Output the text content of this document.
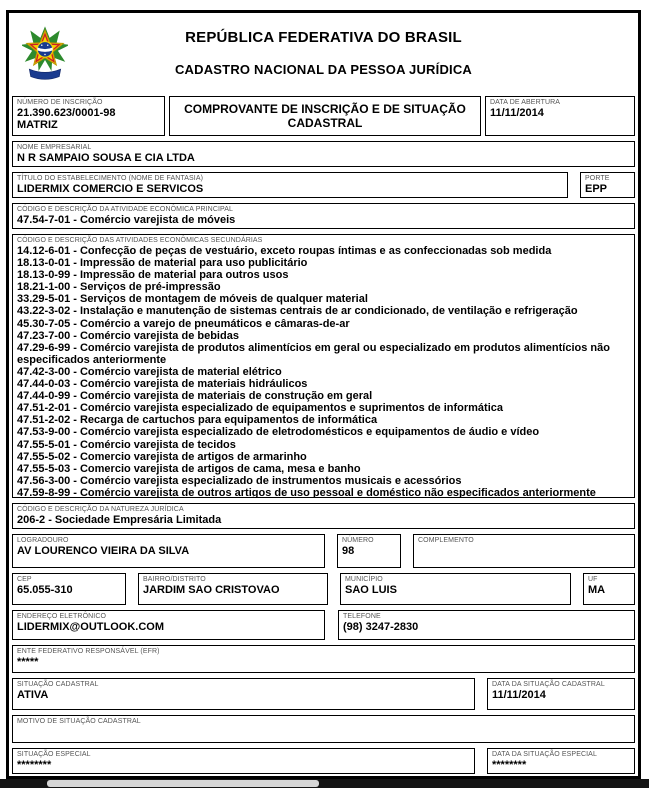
REPÚBLICA FEDERATIVA DO BRASIL
CADASTRO NACIONAL DA PESSOA JURÍDICA
NÚMERO DE INSCRIÇÃO
21.390.623/0001-98
MATRIZ
COMPROVANTE DE INSCRIÇÃO E DE SITUAÇÃO CADASTRAL
DATA DE ABERTURA
11/11/2014
NOME EMPRESARIAL
N R SAMPAIO SOUSA E CIA LTDA
TÍTULO DO ESTABELECIMENTO (NOME DE FANTASIA)
LIDERMIX COMERCIO E SERVICOS
PORTE
EPP
CÓDIGO E DESCRIÇÃO DA ATIVIDADE ECONÔMICA PRINCIPAL
47.54-7-01 - Comércio varejista de móveis
CÓDIGO E DESCRIÇÃO DAS ATIVIDADES ECONÔMICAS SECUNDÁRIAS
14.12-6-01 - Confecção de peças de vestuário, exceto roupas íntimas e as confeccionadas sob medida
18.13-0-01 - Impressão de material para uso publicitário
18.13-0-99 - Impressão de material para outros usos
18.21-1-00 - Serviços de pré-impressão
33.29-5-01 - Serviços de montagem de móveis de qualquer material
43.22-3-02 - Instalação e manutenção de sistemas centrais de ar condicionado, de ventilação e refrigeração
45.30-7-05 - Comércio a varejo de pneumáticos e câmaras-de-ar
47.23-7-00 - Comércio varejista de bebidas
47.29-6-99 - Comércio varejista de produtos alimentícios em geral ou especializado em produtos alimentícios não especificados anteriormente
47.42-3-00 - Comércio varejista de material elétrico
47.44-0-03 - Comércio varejista de materiais hidráulicos
47.44-0-99 - Comércio varejista de materiais de construção em geral
47.51-2-01 - Comércio varejista especializado de equipamentos e suprimentos de informática
47.51-2-02 - Recarga de cartuchos para equipamentos de informática
47.53-9-00 - Comércio varejista especializado de eletrodomésticos e equipamentos de áudio e vídeo
47.55-5-01 - Comércio varejista de tecidos
47.55-5-02 - Comercio varejista de artigos de armarinho
47.55-5-03 - Comercio varejista de artigos de cama, mesa e banho
47.56-3-00 - Comércio varejista especializado de instrumentos musicais e acessórios
47.59-8-99 - Comércio varejista de outros artigos de uso pessoal e doméstico não especificados anteriormente
CÓDIGO E DESCRIÇÃO DA NATUREZA JURÍDICA
206-2 - Sociedade Empresária Limitada
LOGRADOURO
AV LOURENCO VIEIRA DA SILVA
NÚMERO
98
COMPLEMENTO
CEP
65.055-310
BAIRRO/DISTRITO
JARDIM SAO CRISTOVAO
MUNICÍPIO
SAO LUIS
UF
MA
ENDEREÇO ELETRÔNICO
LIDERMIX@OUTLOOK.COM
TELEFONE
(98) 3247-2830
ENTE FEDERATIVO RESPONSÁVEL (EFR)
*****
SITUAÇÃO CADASTRAL
ATIVA
DATA DA SITUAÇÃO CADASTRAL
11/11/2014
MOTIVO DE SITUAÇÃO CADASTRAL
SITUAÇÃO ESPECIAL
********
DATA DA SITUAÇÃO ESPECIAL
********
